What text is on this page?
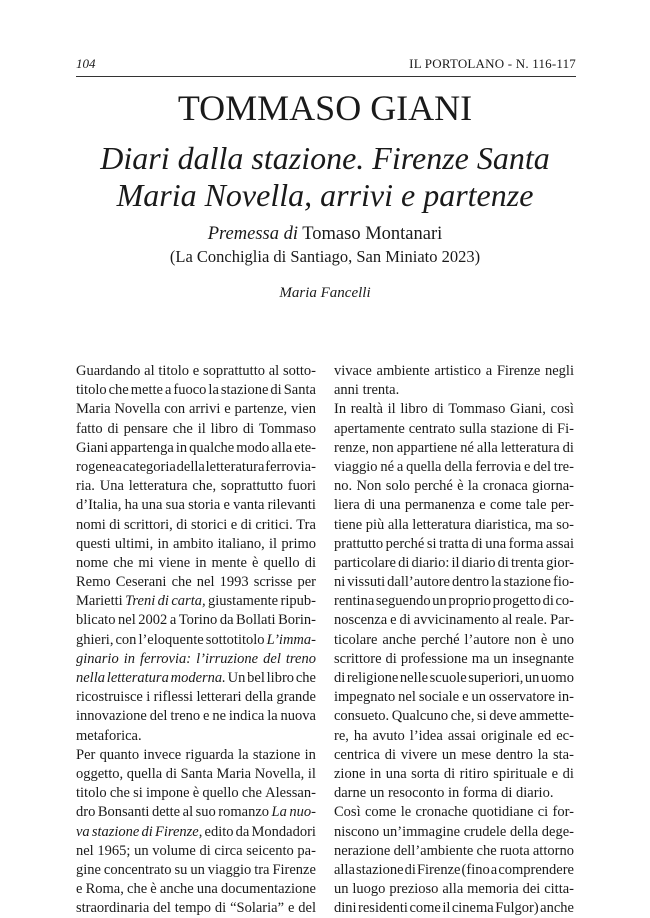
104	IL PORTOLANO - N. 116-117
TOMMASO GIANI
Diari dalla stazione. Firenze Santa
Maria Novella, arrivi e partenze
Premessa di Tomaso Montanari
(La Conchiglia di Santiago, San Miniato 2023)
Maria Fancelli
Guardando al titolo e soprattutto al sotto-
titolo che mette a fuoco la stazione di Santa
Maria Novella con arrivi e partenze, vien
fatto di pensare che il libro di Tommaso
Giani appartenga in qualche modo alla ete-
rogenea categoria della letteratura ferrovia-
ria. Una letteratura che, soprattutto fuori
d’Italia, ha una sua storia e vanta rilevanti
nomi di scrittori, di storici e di critici. Tra
questi ultimi, in ambito italiano, il primo
nome che mi viene in mente è quello di
Remo Ceserani che nel 1993 scrisse per
Marietti Treni di carta, giustamente ripub-
blicato nel 2002 a Torino da Bollati Borin-
ghieri, con l’eloquente sottotitolo L’imma-
ginario in ferrovia: l’irruzione del treno
nella letteratura moderna. Un bel libro che
ricostruisce i riflessi letterari della grande
innovazione del treno e ne indica la nuova
metaforica.
Per quanto invece riguarda la stazione in
oggetto, quella di Santa Maria Novella, il
titolo che si impone è quello che Alessan-
dro Bonsanti dette al suo romanzo La nuo-
va stazione di Firenze, edito da Mondadori
nel 1965; un volume di circa seicento pa-
gine concentrato su un viaggio tra Firenze
e Roma, che è anche una documentazione
straordinaria del tempo di “Solaria” e del
vivace ambiente artistico a Firenze negli
anni trenta.
In realtà il libro di Tommaso Giani, così
apertamente centrato sulla stazione di Fi-
renze, non appartiene né alla letteratura di
viaggio né a quella della ferrovia e del tre-
no. Non solo perché è la cronaca giorna-
liera di una permanenza e come tale per-
tiene più alla letteratura diaristica, ma so-
prattutto perché si tratta di una forma assai
particolare di diario: il diario di trenta gior-
ni vissuti dall’autore dentro la stazione fio-
rentina seguendo un proprio progetto di co-
noscenza e di avvicinamento al reale. Par-
ticolare anche perché l’autore non è uno
scrittore di professione ma un insegnante
di religione nelle scuole superiori, un uomo
impegnato nel sociale e un osservatore in-
consueto. Qualcuno che, si deve ammette-
re, ha avuto l’idea assai originale ed ec-
centrica di vivere un mese dentro la sta-
zione in una sorta di ritiro spirituale e di
darne un resoconto in forma di diario.
Così come le cronache quotidiane ci for-
niscono un’immagine crudele della dege-
nerazione dell’ambiente che ruota attorno
alla stazione di Firenze (fino a comprendere
un luogo prezioso alla memoria dei citta-
dini residenti come il cinema Fulgor) anche
